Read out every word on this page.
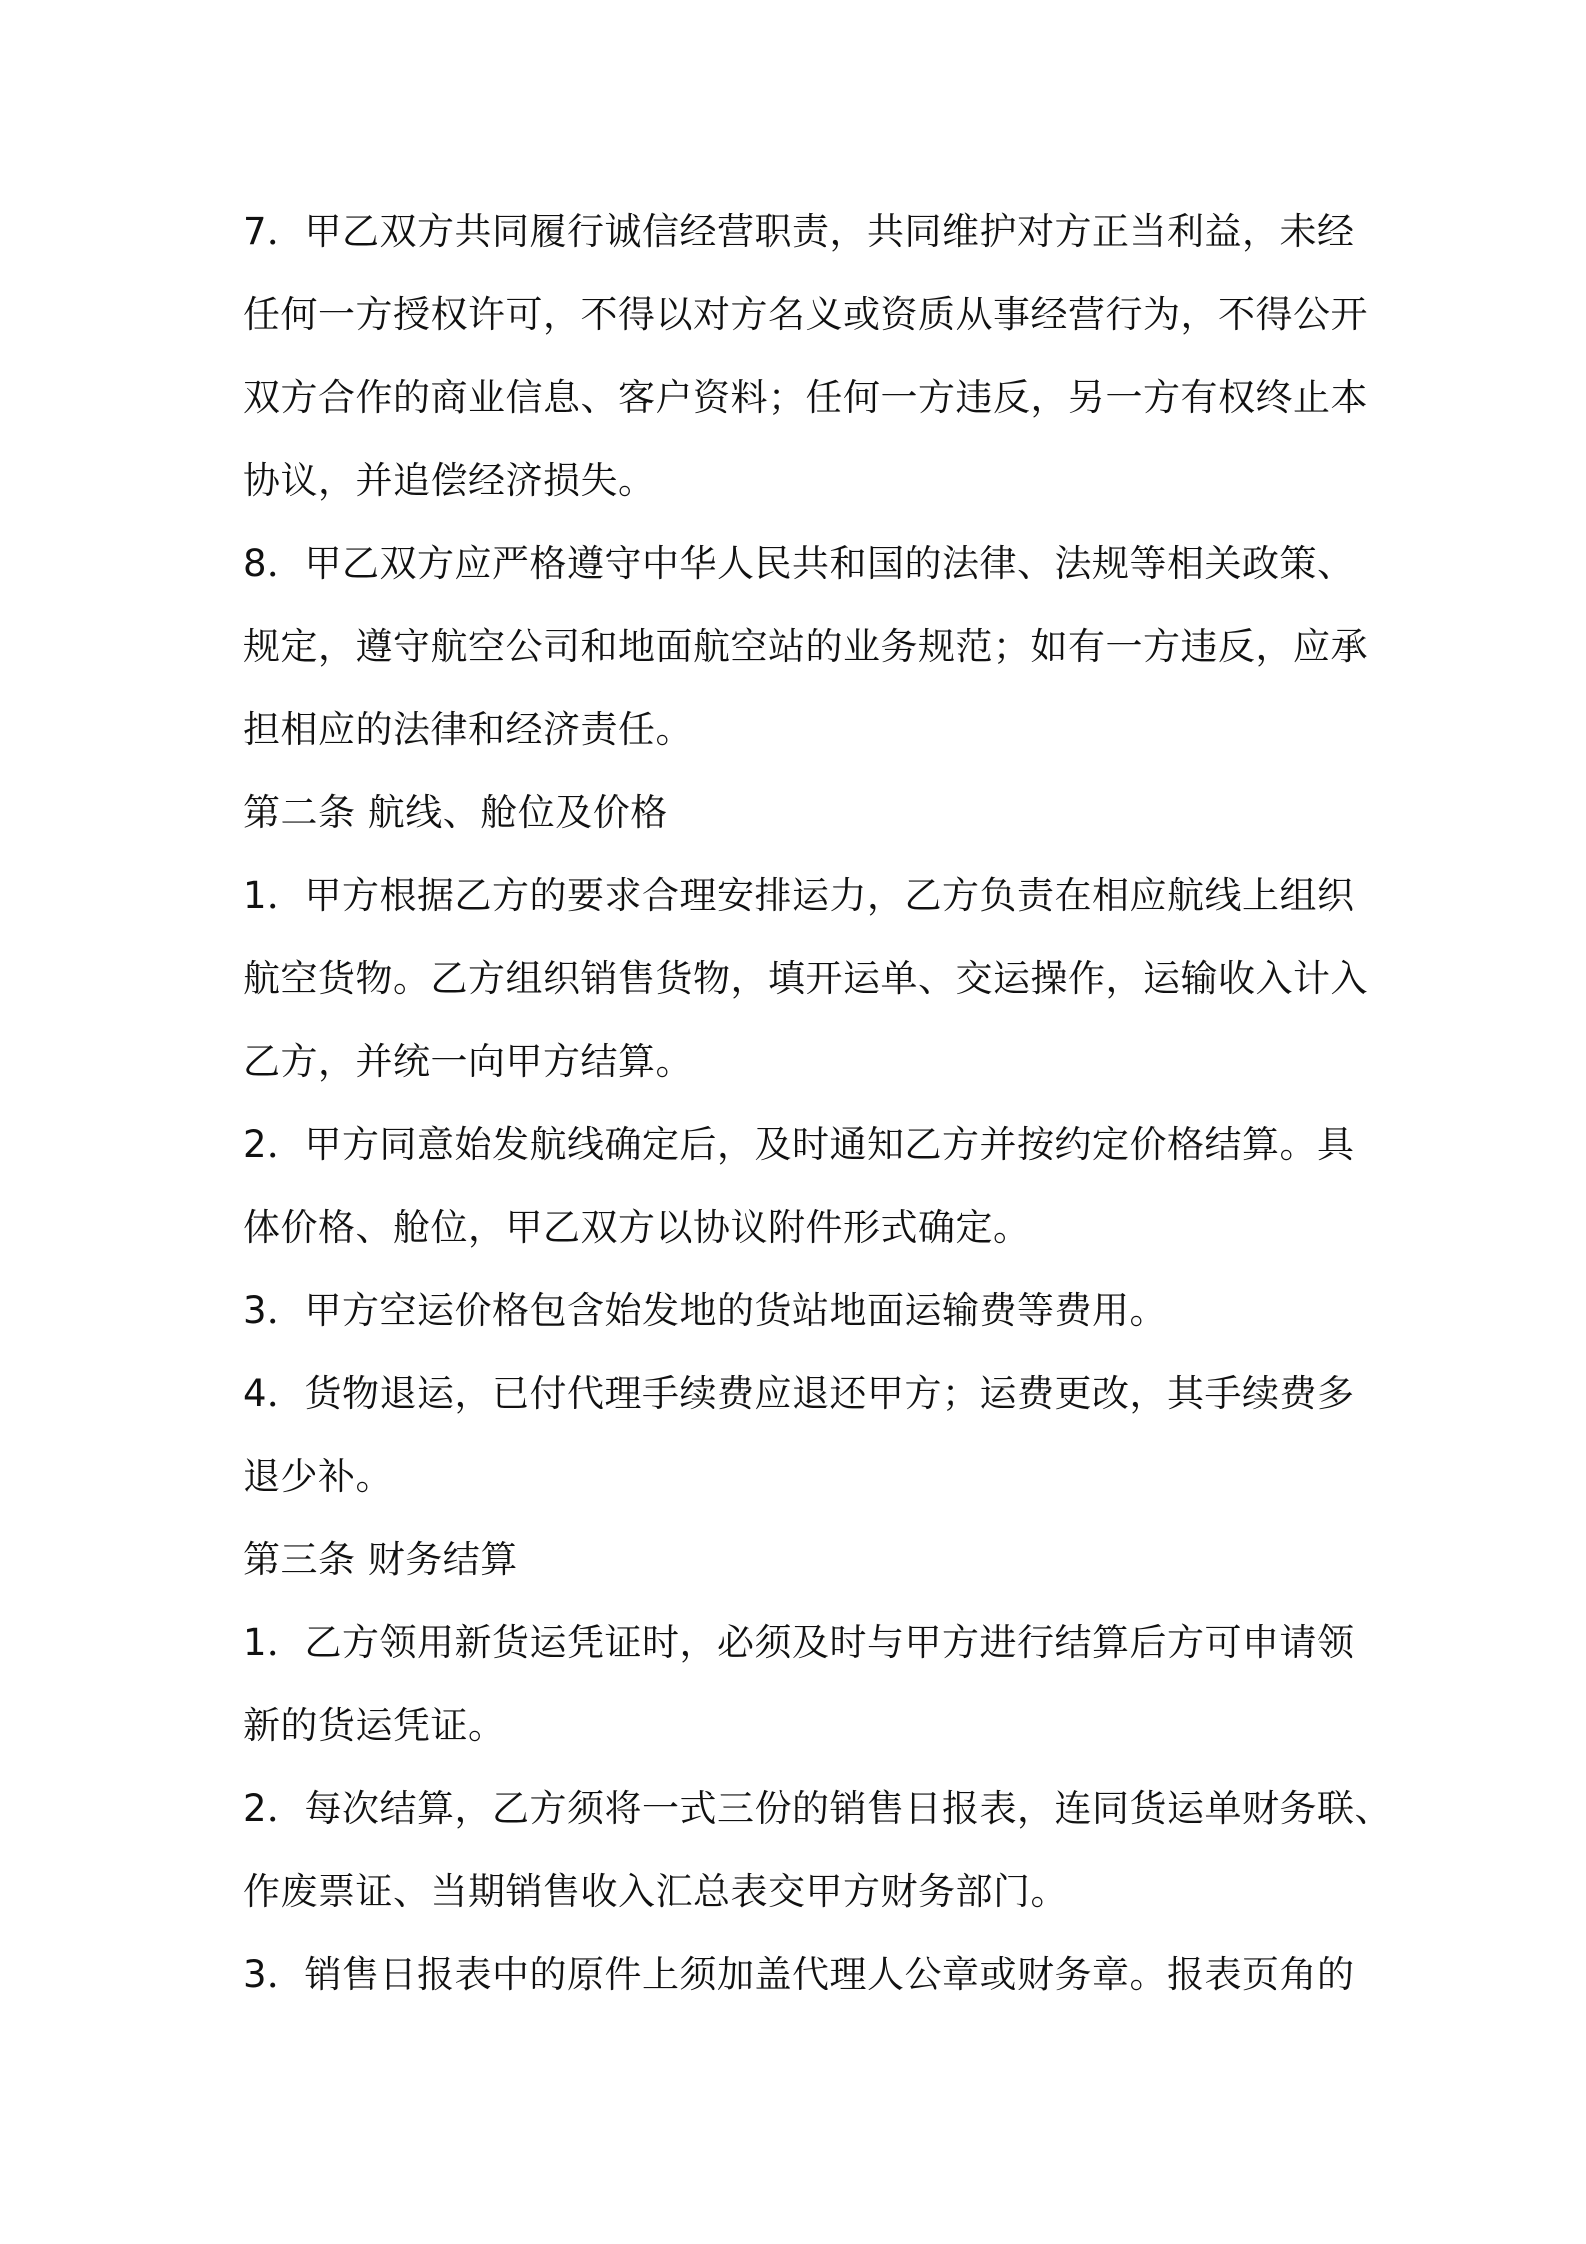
7．甲乙双方共同履行诚信经营职责，共同维护对方正当利益，未经
任何一方授权许可，不得以对方名义或资质从事经营行为，不得公开
双方合作的商业信息、客户资料；任何一方违反，另一方有权终止本
协议，并追偿经济损失。
8．甲乙双方应严格遵守中华人民共和国的法律、法规等相关政策、
规定，遵守航空公司和地面航空站的业务规范；如有一方违反，应承
担相应的法律和经济责任。
第二条 航线、舱位及价格
1．甲方根据乙方的要求合理安排运力，乙方负责在相应航线上组织
航空货物。乙方组织销售货物，填开运单、交运操作，运输收入计入
乙方，并统一向甲方结算。
2．甲方同意始发航线确定后，及时通知乙方并按约定价格结算。具
体价格、舱位，甲乙双方以协议附件形式确定。
3．甲方空运价格包含始发地的货站地面运输费等费用。
4．货物退运，已付代理手续费应退还甲方；运费更改，其手续费多
退少补。
第三条 财务结算
1．乙方领用新货运凭证时，必须及时与甲方进行结算后方可申请领
新的货运凭证。
2．每次结算，乙方须将一式三份的销售日报表，连同货运单财务联、
作废票证、当期销售收入汇总表交甲方财务部门。
3．销售日报表中的原件上须加盖代理人公章或财务章。报表页角的
